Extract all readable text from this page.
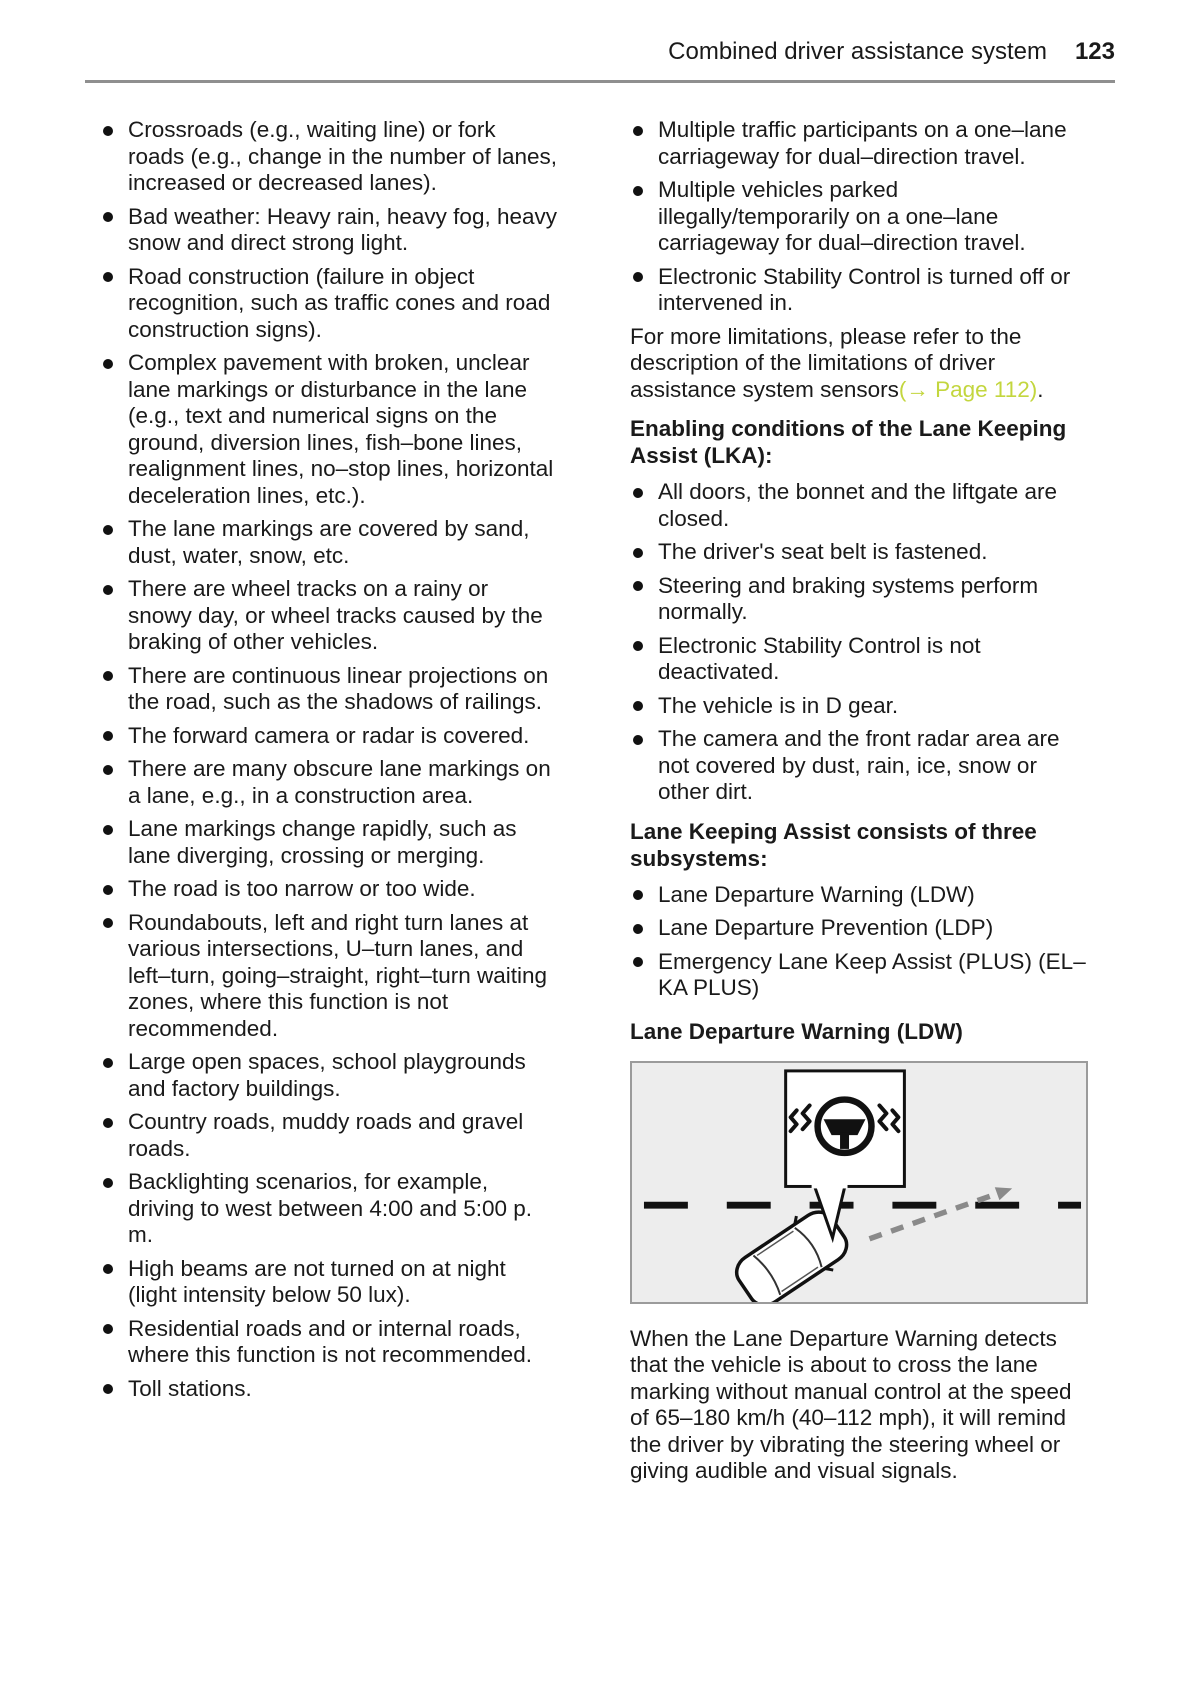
Combined driver assistance system 123
Crossroads (e.g., waiting line) or fork roads (e.g., change in the number of lanes, increased or decreased lanes).
Bad weather: Heavy rain, heavy fog, heavy snow and direct strong light.
Road construction (failure in object recognition, such as traffic cones and road construction signs).
Complex pavement with broken, unclear lane markings or disturbance in the lane (e.g., text and numerical signs on the ground, diversion lines, fish–bone lines, realignment lines, no–stop lines, horizontal deceleration lines, etc.).
The lane markings are covered by sand, dust, water, snow, etc.
There are wheel tracks on a rainy or snowy day, or wheel tracks caused by the braking of other vehicles.
There are continuous linear projections on the road, such as the shadows of railings.
The forward camera or radar is covered.
There are many obscure lane markings on a lane, e.g., in a construction area.
Lane markings change rapidly, such as lane diverging, crossing or merging.
The road is too narrow or too wide.
Roundabouts, left and right turn lanes at various intersections, U–turn lanes, and left–turn, going–straight, right–turn waiting zones, where this function is not recommended.
Large open spaces, school playgrounds and factory buildings.
Country roads, muddy roads and gravel roads.
Backlighting scenarios, for example, driving to west between 4:00 and 5:00 p. m.
High beams are not turned on at night (light intensity below 50 lux).
Residential roads and or internal roads, where this function is not recommended.
Toll stations.
Multiple traffic participants on a one–lane carriageway for dual–direction travel.
Multiple vehicles parked illegally/temporarily on a one–lane carriageway for dual–direction travel.
Electronic Stability Control is turned off or intervened in.

For more limitations, please refer to the description of the limitations of driver assistance system sensors(→ Page 112).

Enabling conditions of the Lane Keeping Assist (LKA):
All doors, the bonnet and the liftgate are closed.
The driver's seat belt is fastened.
Steering and braking systems perform normally.
Electronic Stability Control is not deactivated.
The vehicle is in D gear.
The camera and the front radar area are not covered by dust, rain, ice, snow or other dirt.
Lane Keeping Assist consists of three subsystems:
Lane Departure Warning (LDW)
Lane Departure Prevention (LDP)
Emergency Lane Keep Assist (PLUS) (EL–KA PLUS)
Lane Departure Warning (LDW)

When the Lane Departure Warning detects that the vehicle is about to cross the lane marking without manual control at the speed of 65–180 km/h (40–112 mph), it will remind the driver by vibrating the steering wheel or giving audible and visual signals.
